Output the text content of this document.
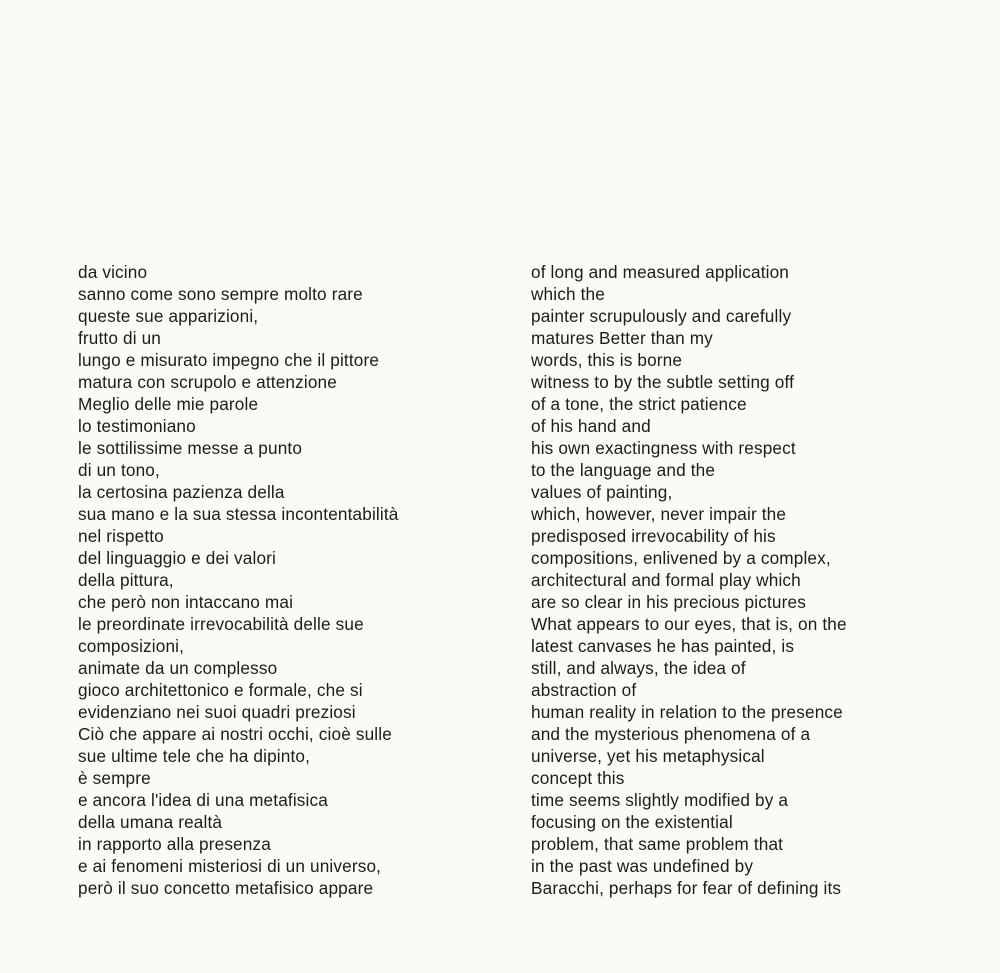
da vicino
sanno come sono sempre molto rare
queste sue apparizioni,
frutto di un
lungo e misurato impegno che il pittore
matura con scrupolo e attenzione
Meglio delle mie parole
lo testimoniano
le sottilissime messe a punto
di un tono,
la certosina pazienza della
sua mano e la sua stessa incontentabilità
nel rispetto
del linguaggio e dei valori
della pittura,
che però non intaccano mai
le preordinate irrevocabilità delle sue
composizioni,
animate da un complesso
gioco architettonico e formale, che si
evidenziano nei suoi quadri preziosi
Ciò che appare ai nostri occhi, cioè sulle
sue ultime tele che ha dipinto,
è sempre
e ancora l'idea di una metafisica
della umana realtà
in rapporto alla presenza
e ai fenomeni misteriosi di un universo,
però il suo concetto metafisico appare
of long and measured application
which the
painter scrupulously and carefully
matures Better than my
words, this is borne
witness to by the subtle setting off
of a tone, the strict patience
of his hand and
his own exactingness with respect
to the language and the
values of painting,
which, however, never impair the
predisposed irrevocability of his
compositions, enlivened by a complex,
architectural and formal play which
are so clear in his precious pictures
What appears to our eyes, that is, on the
latest canvases he has painted, is
still, and always, the idea of
abstraction of
human reality in relation to the presence
and the mysterious phenomena of a
universe, yet his metaphysical
concept this
time seems slightly modified by a
focusing on the existential
problem, that same problem that
in the past was undefined by
Baracchi, perhaps for fear of defining its
